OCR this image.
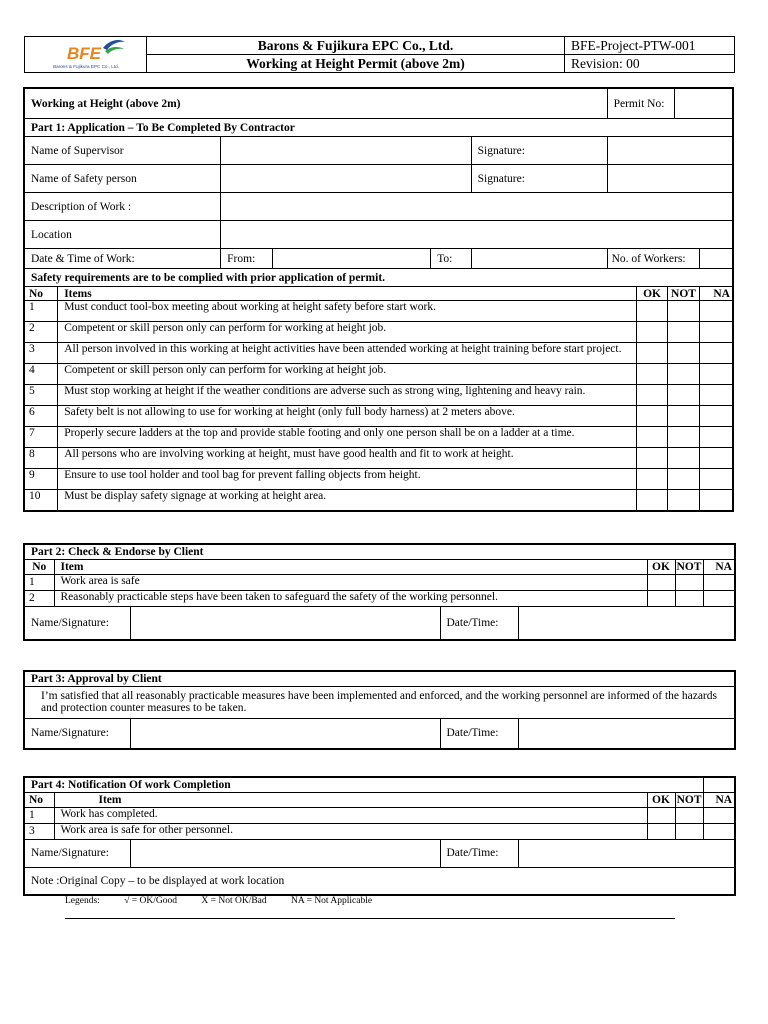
BFE
Barons & Fujikura EPC Co., Ltd.	Barons & Fujikura EPC Co., Ltd.	BFE-Project-PTW-001
	Working at Height Permit (above 2m)	Revision: 00
Working at Height (above 2m)						Permit No:			

Part 1: Application – To Be Completed By Contractor									
Name of Supervisor					Signature:				
Name of Safety person					Signature:				
Description of Work :									
Location									
Date & Time of Work:		From:		To:		No. of Workers:			
Safety requirements are to be complied with prior application of permit.									
No	Items						OK	NOT	NA
1	Must conduct tool-box meeting about working at height safety before start work.								
2	Competent or skill person only can perform for working at height job.								
3	All person involved in this working at height activities have been attended working at height training before start project.								
4	Competent or skill person only can perform for working at height job.								
5	Must stop working at height if the weather conditions are adverse such as strong wing, lightening and heavy rain.								
6	Safety belt is not allowing to use for working at height (only full body harness) at 2 meters above.								
7	Properly secure ladders at the top and provide stable footing and only one person shall be on a ladder at a time.								
8	All persons who are involving working at height, must have good health and fit to work at height.								
9	Ensure to use tool holder and tool bag for prevent falling objects from height.								
10	Must be display safety signage at working at height area.								
Part 2: Check & Endorse by Client							
No	Item				OK	NOT	NA
1	Work area is safe						
2	Reasonably practicable steps have been taken to safeguard the safety of the working personnel.						
Name/Signature:			Date/Time:				
Part 3: Approval by Client
I’m satisfied that all reasonably practicable measures have been implemented and enforced, and the working personnel are informed of the hazards and protection counter measures to be taken.
Name/Signature:		Date/Time:	
Part 4: Notification Of work Completion							
No	Item				OK	NOT	NA
1	Work has completed.						
3	Work area is safe for other personnel.						
Name/Signature:			Date/Time:				
Note :Original Copy – to be displayed at work location							
Legends:	√ = OK/Good	X = Not OK/Bad	NA = Not Applicable
